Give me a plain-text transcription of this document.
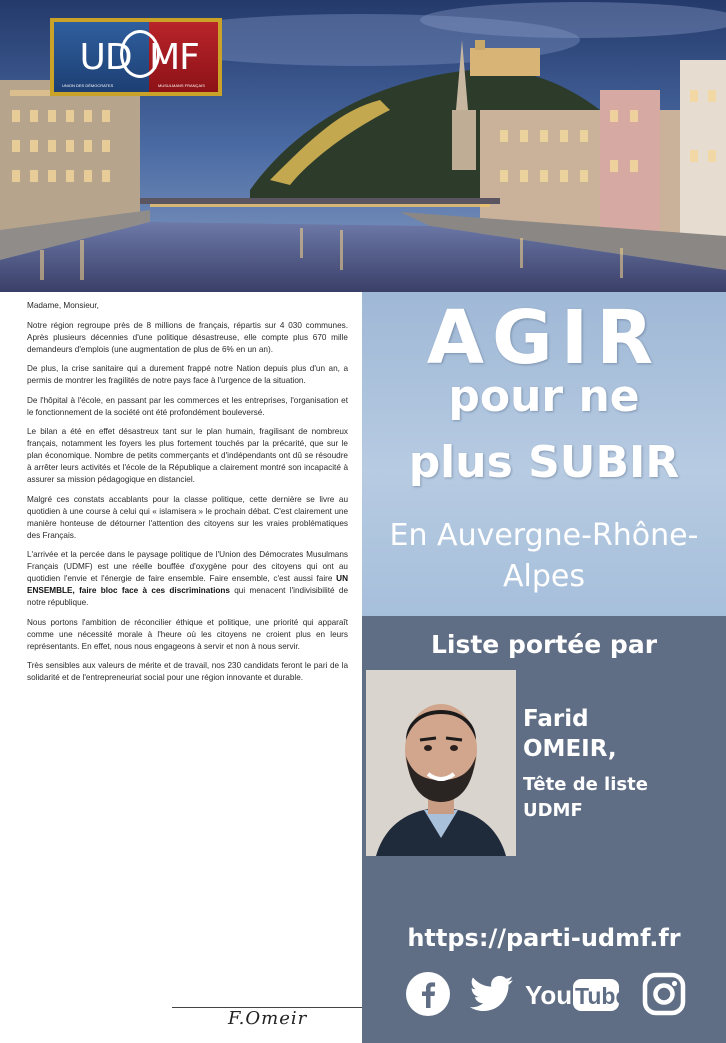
UD MF
UNION DES DÉMOCRATES	MUSULMANS FRANÇAIS

Madame, Monsieur,

Notre région regroupe près de 8 millions de français, répartis sur 4 030 communes. Après plusieurs décennies d'une politique désastreuse, elle compte plus 670 mille demandeurs d'emplois (une augmentation de plus de 6% en un an).

De plus, la crise sanitaire qui a durement frappé notre Nation depuis plus d'un an, a permis de montrer les fragilités de notre pays face à l'urgence de la situation.

De l'hôpital à l'école, en passant par les commerces et les entreprises, l'organisation et le fonctionnement de la société ont été profondément bouleversé.

Le bilan a été en effet désastreux tant sur le plan humain, fragilisant de nombreux français, notamment les foyers les plus fortement touchés par la précarité, que sur le plan économique. Nombre de petits commerçants et d'indépendants ont dû se résoudre à arrêter leurs activités et l'école de la République a clairement montré son incapacité à assurer sa mission pédagogique en distanciel.

Malgré ces constats accablants pour la classe politique, cette dernière se livre au quotidien à une course à celui qui « islamisera » le prochain débat. C'est clairement une manière honteuse de détourner l'attention des citoyens sur les vraies problématiques des Français.

L'arrivée et la percée dans le paysage politique de l'Union des Démocrates Musulmans Français (UDMF) est une réelle bouffée d'oxygène pour des citoyens qui ont au quotidien l'envie et l'énergie de faire ensemble. Faire ensemble, c'est aussi faire UN ENSEMBLE, faire bloc face à ces discriminations qui menacent l'indivisibilité de notre république.

Nous portons l'ambition de réconcilier éthique et politique, une priorité qui apparaît comme une nécessité morale à l'heure où les citoyens ne croient plus en leurs représentants. En effet, nous nous engageons à servir et non à nous servir.

Très sensibles aux valeurs de mérite et de travail, nos 230 candidats feront le pari de la solidarité et de l'entrepreneuriat social pour une région innovante et durable.

F.Omeir
AGIR
pour ne
plus SUBIR
En Auvergne-Rhône-Alpes
Liste portée par
Farid
OMEIR,
Tête de liste
UDMF
https://parti-udmf.fr
You Tube
